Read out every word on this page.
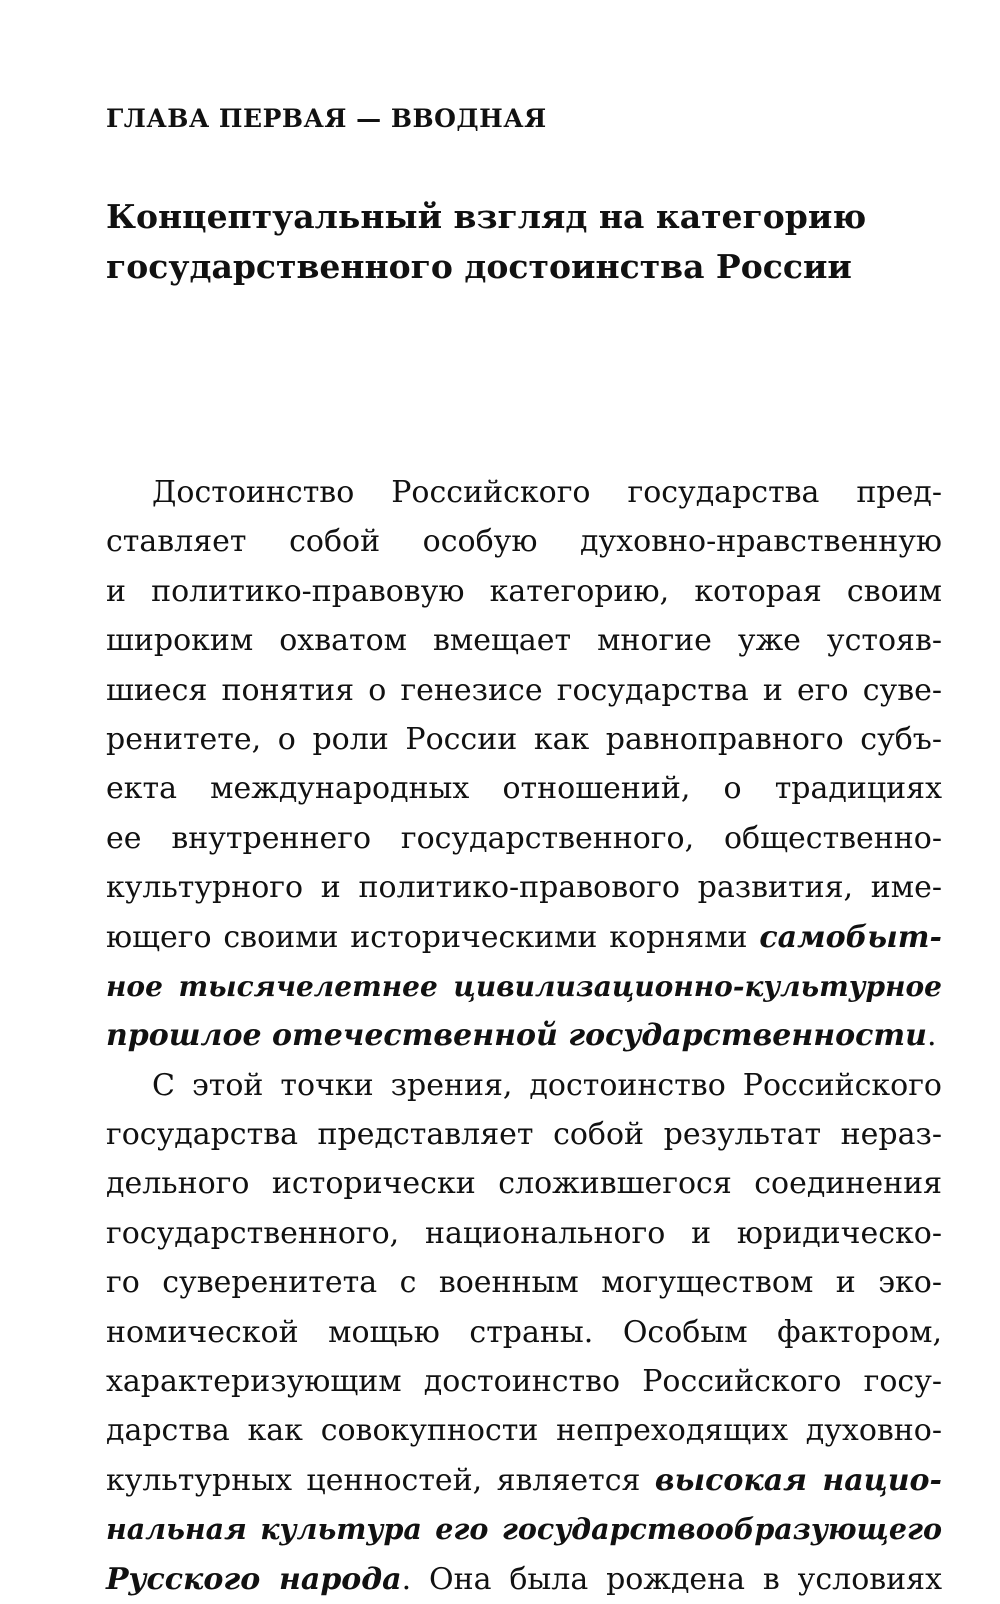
ГЛАВА ПЕРВАЯ — ВВОДНАЯ
Концептуальный взгляд на категорию
государственного достоинства России
Достоинство Российского государства пред-
ставляет собой особую духовно-нравственную
и политико-правовую категорию, которая своим
широким охватом вмещает многие уже устояв-
шиеся понятия о генезисе государства и его суве-
ренитете, о роли России как равноправного субъ-
екта международных отношений, о традициях
ее внутреннего государственного, общественно-
культурного и политико-правового развития, име-
ющего своими историческими корнями самобыт-
ное тысячелетнее цивилизационно-культурное
прошлое отечественной государственности.
С этой точки зрения, достоинство Российского
государства представляет собой результат нераз-
дельного исторически сложившегося соединения
государственного, национального и юридическо-
го суверенитета с военным могуществом и эко-
номической мощью страны. Особым фактором,
характеризующим достоинство Российского госу-
дарства как совокупности непреходящих духовно-
культурных ценностей, является высокая нацио-
нальная культура его государствообразующего
Русского народа. Она была рождена в условиях
